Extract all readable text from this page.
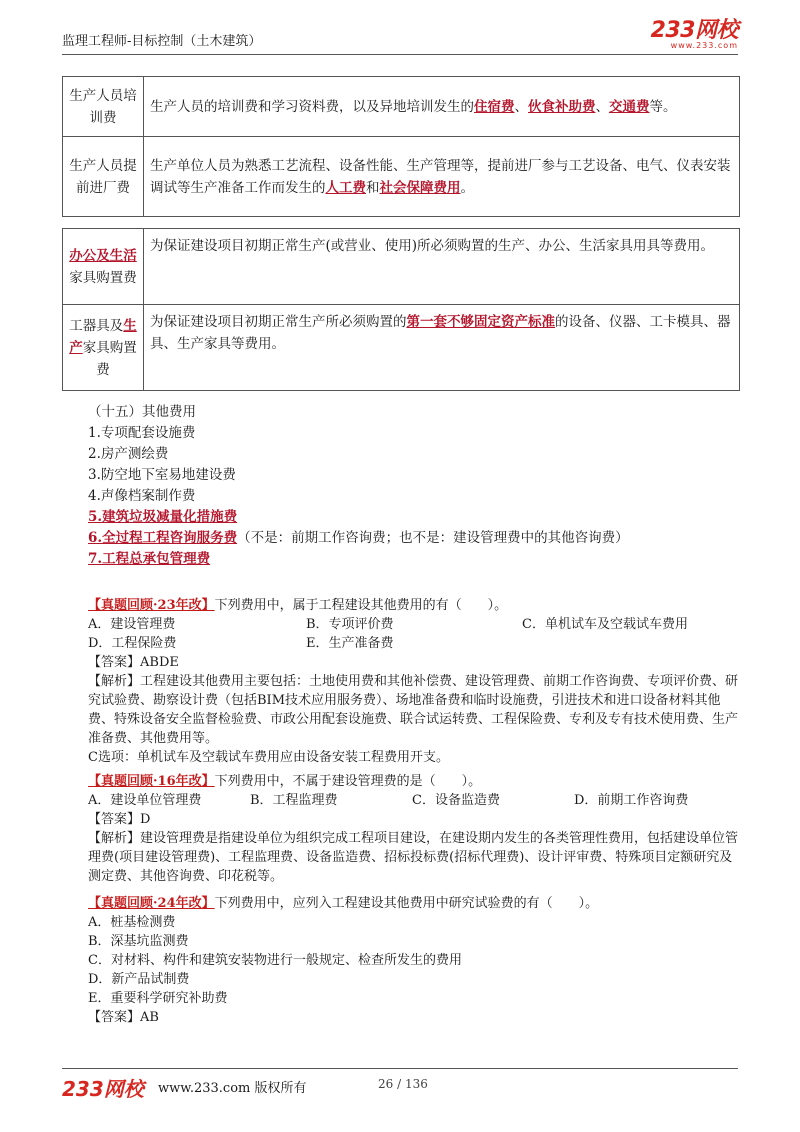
监理工程师-目标控制（土木建筑）	233网校
www.233.com
生产人员培训费	生产人员的培训费和学习资料费，以及异地培训发生的住宿费、伙食补助费、交通费等。
生产人员提前进厂费	生产单位人员为熟悉工艺流程、设备性能、生产管理等，提前进厂参与工艺设备、电气、仪表安装调试等生产准备工作而发生的人工费和社会保障费用。
办公及生活家具购置费	为保证建设项目初期正常生产(或营业、使用)所必须购置的生产、办公、生活家具用具等费用。
工器具及生产家具购置费	为保证建设项目初期正常生产所必须购置的第一套不够固定资产标准的设备、仪器、工卡模具、器具、生产家具等费用。
（十五）其他费用
1.专项配套设施费
2.房产测绘费
3.防空地下室易地建设费
4.声像档案制作费
5.建筑垃圾减量化措施费
6.全过程工程咨询服务费（不是：前期工作咨询费；也不是：建设管理费中的其他咨询费）
7.工程总承包管理费
【真题回顾·23年改】下列费用中，属于工程建设其他费用的有（　　）。
A．建设管理费	B．专项评价费	C．单机试车及空载试车费用
D．工程保险费	E．生产准备费
【答案】ABDE
【解析】工程建设其他费用主要包括：土地使用费和其他补偿费、建设管理费、前期工作咨询费、专项评价费、研究试验费、勘察设计费（包括BIM技术应用服务费）、场地准备费和临时设施费，引进技术和进口设备材料其他费、特殊设备安全监督检验费、市政公用配套设施费、联合试运转费、工程保险费、专利及专有技术使用费、生产准备费、其他费用等。
C选项：单机试车及空载试车费用应由设备安装工程费用开支。
【真题回顾·16年改】下列费用中，不属于建设管理费的是（　　）。
A．建设单位管理费	B．工程监理费	C．设备监造费	D．前期工作咨询费
【答案】D
【解析】建设管理费是指建设单位为组织完成工程项目建设，在建设期内发生的各类管理性费用，包括建设单位管理费(项目建设管理费)、工程监理费、设备监造费、招标投标费(招标代理费)、设计评审费、特殊项目定额研究及测定费、其他咨询费、印花税等。
【真题回顾·24年改】下列费用中，应列入工程建设其他费用中研究试验费的有（　　）。
A．桩基检测费
B．深基坑监测费
C．对材料、构件和建筑安装物进行一般规定、检查所发生的费用
D．新产品试制费
E．重要科学研究补助费
【答案】AB
233网校 www.233.com 版权所有	26 / 136
